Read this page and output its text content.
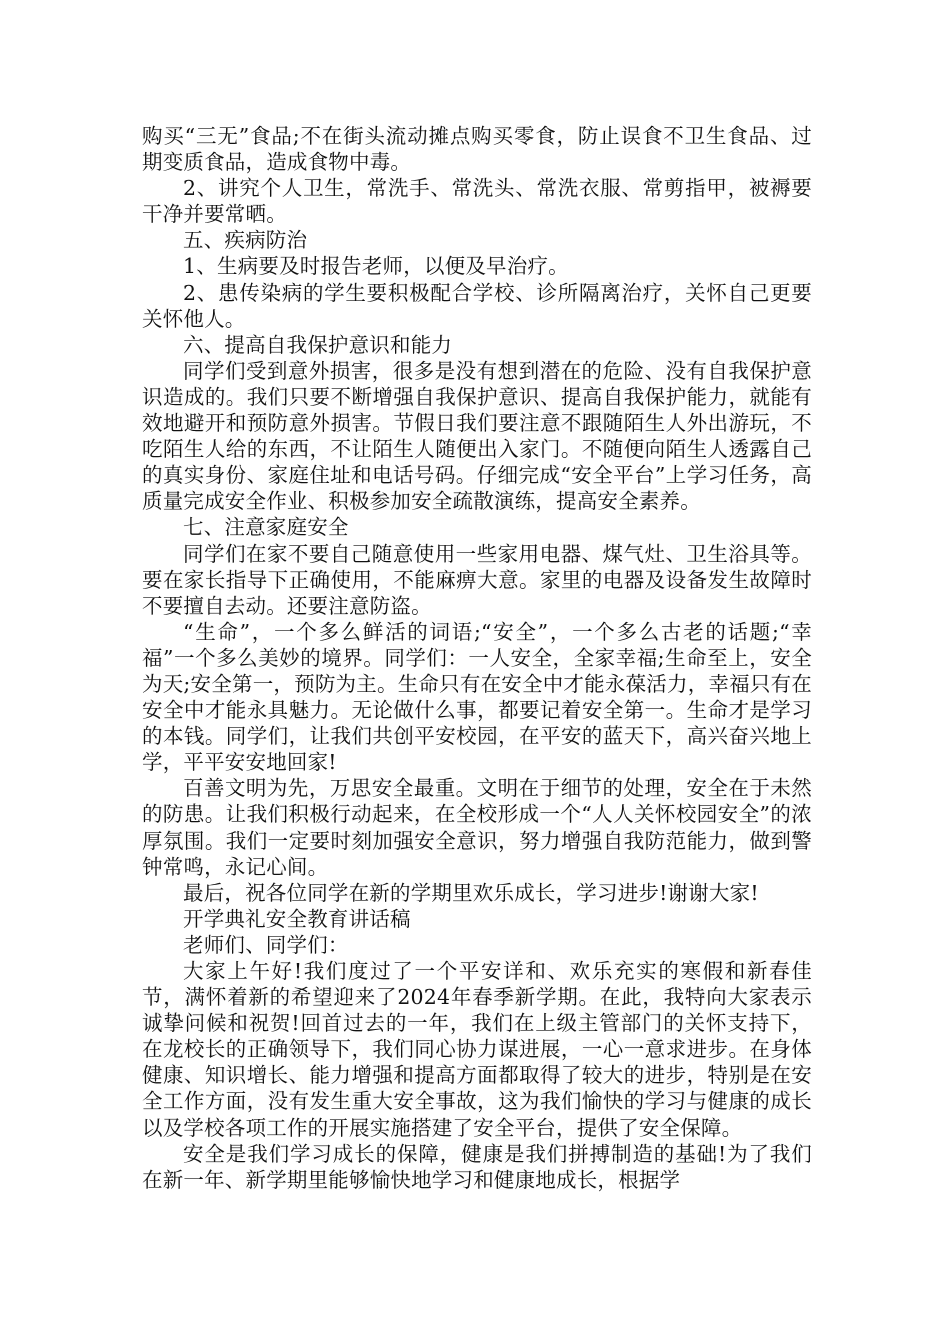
购买“三无”食品;不在街头流动摊点购买零食，防止误食不卫生食品、过期变质食品，造成食物中毒。

2、讲究个人卫生，常洗手、常洗头、常洗衣服、常剪指甲，被褥要干净并要常晒。

五、疾病防治

1、生病要及时报告老师，以便及早治疗。

2、患传染病的学生要积极配合学校、诊所隔离治疗，关怀自己更要关怀他人。

六、提高自我保护意识和能力

同学们受到意外损害，很多是没有想到潜在的危险、没有自我保护意识造成的。我们只要不断增强自我保护意识、提高自我保护能力，就能有效地避开和预防意外损害。节假日我们要注意不跟随陌生人外出游玩，不吃陌生人给的东西，不让陌生人随便出入家门。不随便向陌生人透露自己的真实身份、家庭住址和电话号码。仔细完成“安全平台”上学习任务，高质量完成安全作业、积极参加安全疏散演练，提高安全素养。

七、注意家庭安全

同学们在家不要自己随意使用一些家用电器、煤气灶、卫生浴具等。要在家长指导下正确使用，不能麻痹大意。家里的电器及设备发生故障时不要擅自去动。还要注意防盗。

“生命”，一个多么鲜活的词语;“安全”，一个多么古老的话题;“幸福”一个多么美妙的境界。同学们：一人安全，全家幸福;生命至上，安全为天;安全第一，预防为主。生命只有在安全中才能永葆活力，幸福只有在安全中才能永具魅力。无论做什么事，都要记着安全第一。生命才是学习的本钱。同学们，让我们共创平安校园，在平安的蓝天下，高兴奋兴地上学，平平安安地回家!

百善文明为先，万思安全最重。文明在于细节的处理，安全在于未然的防患。让我们积极行动起来，在全校形成一个“人人关怀校园安全”的浓厚氛围。我们一定要时刻加强安全意识，努力增强自我防范能力，做到警钟常鸣，永记心间。

最后，祝各位同学在新的学期里欢乐成长，学习进步!谢谢大家!

开学典礼安全教育讲话稿

老师们、同学们：

大家上午好!我们度过了一个平安详和、欢乐充实的寒假和新春佳节，满怀着新的希望迎来了2024年春季新学期。在此，我特向大家表示诚挚问候和祝贺!回首过去的一年，我们在上级主管部门的关怀支持下，在龙校长的正确领导下，我们同心协力谋进展，一心一意求进步。在身体健康、知识增长、能力增强和提高方面都取得了较大的进步，特别是在安全工作方面，没有发生重大安全事故，这为我们愉快的学习与健康的成长以及学校各项工作的开展实施搭建了安全平台，提供了安全保障。

安全是我们学习成长的保障，健康是我们拼搏制造的基础!为了我们在新一年、新学期里能够愉快地学习和健康地成长，根据学
